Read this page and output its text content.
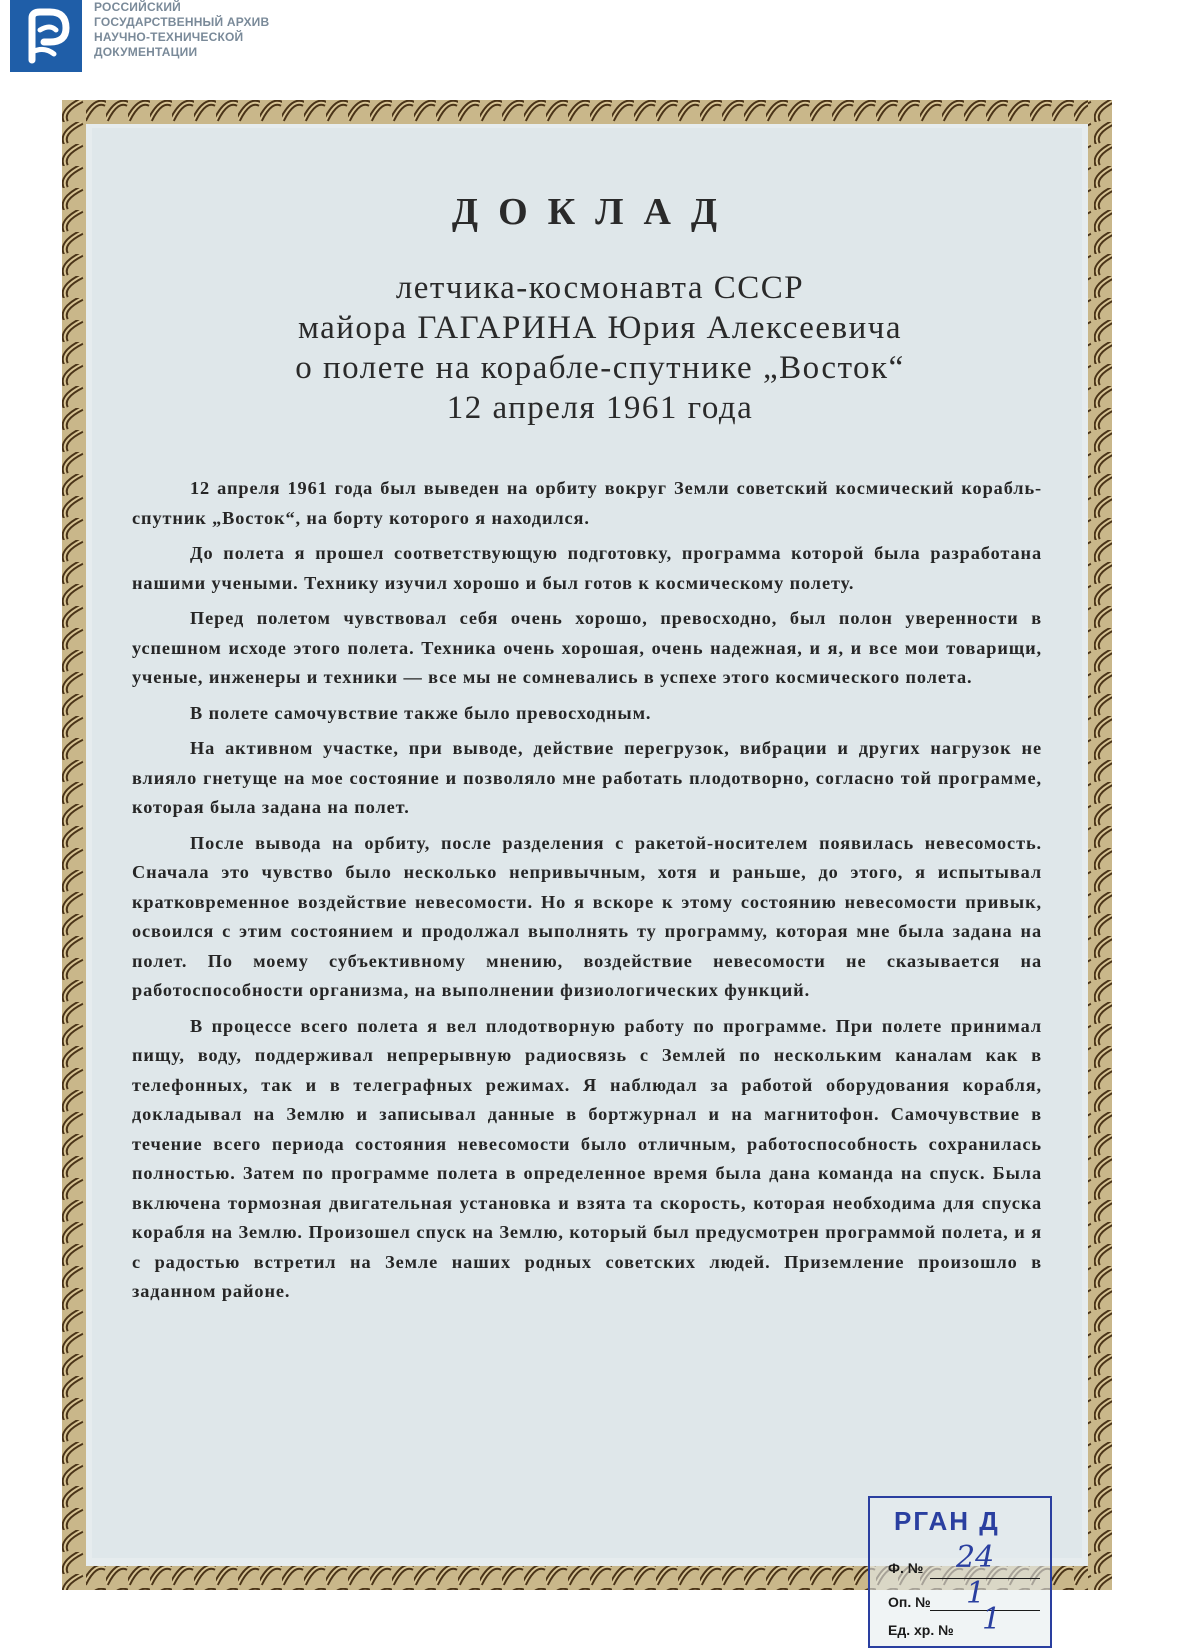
РОССИЙСКИЙ
ГОСУДАРСТВЕННЫЙ АРХИВ
НАУЧНО-ТЕХНИЧЕСКОЙ
ДОКУМЕНТАЦИИ
ДОКЛАД
летчика-космонавта СССР
майора ГАГАРИНА Юрия Алексеевича
о полете на корабле-спутнике „Восток“
12 апреля 1961 года

12 апреля 1961 года был выведен на орбиту вокруг Земли советский космический корабль-спутник „Восток“, на борту которого я находился.

До полета я прошел соответствующую подготовку, программа которой была разработана нашими учеными. Технику изучил хорошо и был готов к космическому полету.

Перед полетом чувствовал себя очень хорошо, превосходно, был полон уверенности в успешном исходе этого полета. Техника очень хорошая, очень надежная, и я, и все мои товарищи, ученые, инженеры и техники — все мы не сомневались в успехе этого космического полета.

В полете самочувствие также было превосходным.

На активном участке, при выводе, действие перегрузок, вибрации и других нагрузок не влияло гнетуще на мое состояние и позволяло мне работать плодотворно, согласно той программе, которая была задана на полет.

После вывода на орбиту, после разделения с ракетой-носителем появилась невесомость. Сначала это чувство было несколько непривычным, хотя и раньше, до этого, я испытывал кратковременное воздействие невесомости. Но я вскоре к этому состоянию невесомости привык, освоился с этим состоянием и продолжал выполнять ту программу, которая мне была задана на полет. По моему субъективному мнению, воздействие невесомости не сказывается на работоспособности организма, на выполнении физиологических функций.

В процессе всего полета я вел плодотворную работу по программе. При полете принимал пищу, воду, поддерживал непрерывную радиосвязь с Землей по нескольким каналам как в телефонных, так и в телеграфных режимах. Я наблюдал за работой оборудования корабля, докладывал на Землю и записывал данные в бортжурнал и на магнитофон. Самочувствие в течение всего периода состояния невесомости было отличным, работоспособность сохранилась полностью. Затем по программе полета в определенное время была дана команда на спуск. Была включена тормозная двигательная установка и взята та скорость, которая необходима для спуска корабля на Землю. Произошел спуск на Землю, который был предусмотрен программой полета, и я с радостью встретил на Земле наших родных советских людей. Приземление произошло в заданном районе.

РГАН Д
Ф. № 24
Оп. № 1
Ед. хр. № 1
